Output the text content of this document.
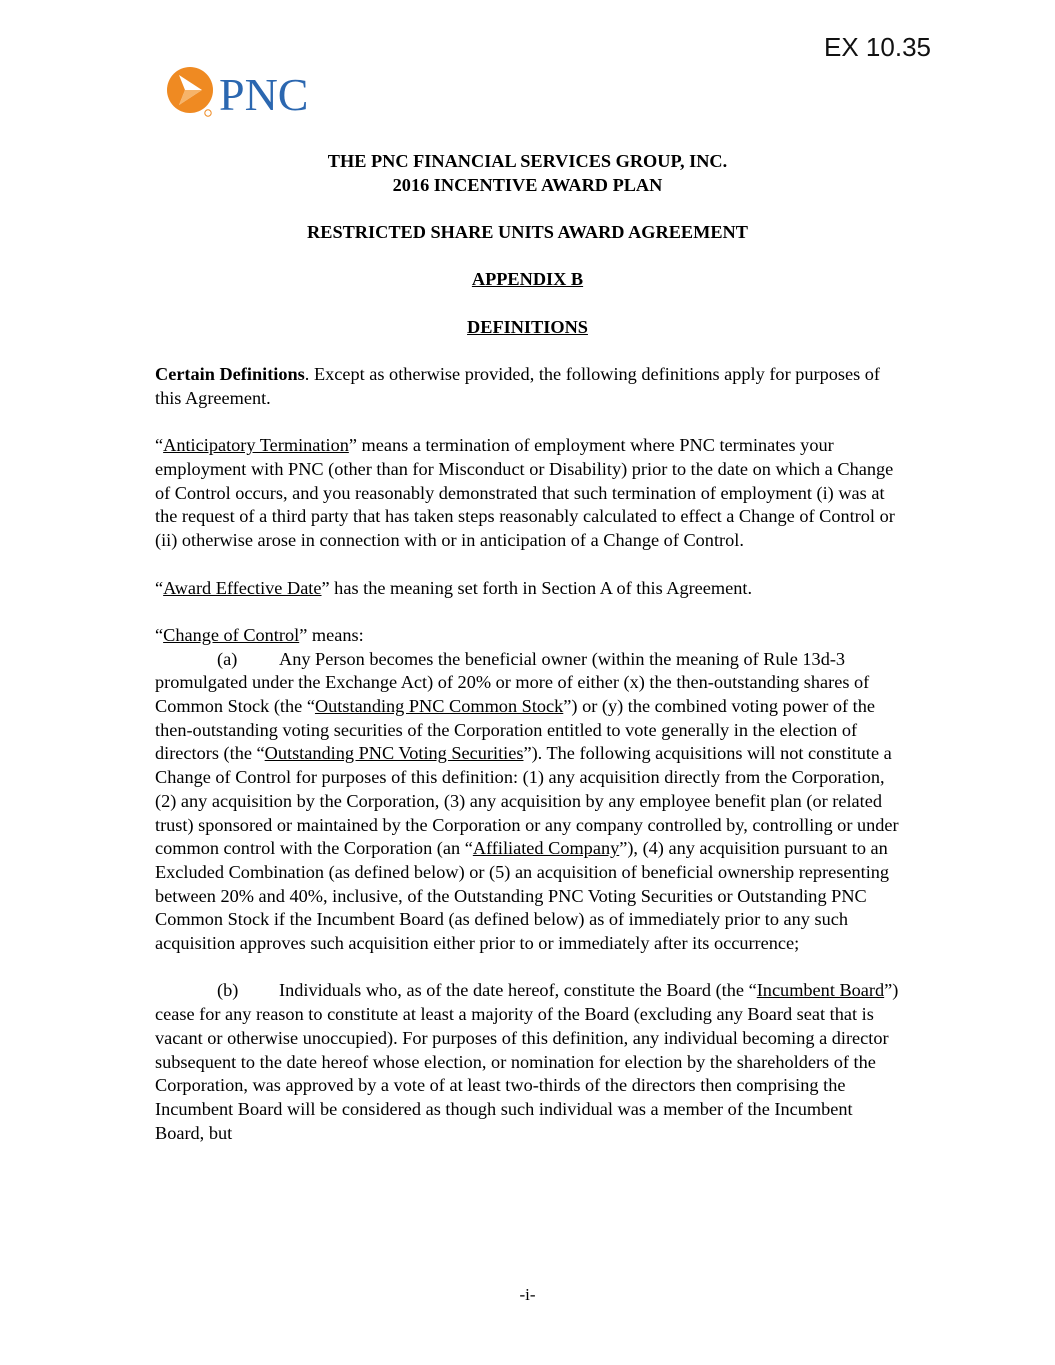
EX 10.35
PNC

THE PNC FINANCIAL SERVICES GROUP, INC.

2016 INCENTIVE AWARD PLAN

RESTRICTED SHARE UNITS AWARD AGREEMENT

APPENDIX B

DEFINITIONS

Certain Definitions. Except as otherwise provided, the following definitions apply for purposes of this Agreement.

“Anticipatory Termination” means a termination of employment where PNC terminates your employment with PNC (other than for Misconduct or Disability) prior to the date on which a Change of Control occurs, and you reasonably demonstrated that such termination of employment (i) was at the request of a third party that has taken steps reasonably calculated to effect a Change of Control or (ii) otherwise arose in connection with or in anticipation of a Change of Control.

“Award Effective Date” has the meaning set forth in Section A of this Agreement.

“Change of Control” means:

(a) Any Person becomes the beneficial owner (within the meaning of Rule 13d-3 promulgated under the Exchange Act) of 20% or more of either (x) the then-outstanding shares of Common Stock (the “Outstanding PNC Common Stock”) or (y) the combined voting power of the then-outstanding voting securities of the Corporation entitled to vote generally in the election of directors (the “Outstanding PNC Voting Securities”). The following acquisitions will not constitute a Change of Control for purposes of this definition: (1) any acquisition directly from the Corporation, (2) any acquisition by the Corporation, (3) any acquisition by any employee benefit plan (or related trust) sponsored or maintained by the Corporation or any company controlled by, controlling or under common control with the Corporation (an “Affiliated Company”), (4) any acquisition pursuant to an Excluded Combination (as defined below) or (5) an acquisition of beneficial ownership representing between 20% and 40%, inclusive, of the Outstanding PNC Voting Securities or Outstanding PNC Common Stock if the Incumbent Board (as defined below) as of immediately prior to any such acquisition approves such acquisition either prior to or immediately after its occurrence;

(b) Individuals who, as of the date hereof, constitute the Board (the “Incumbent Board”) cease for any reason to constitute at least a majority of the Board (excluding any Board seat that is vacant or otherwise unoccupied). For purposes of this definition, any individual becoming a director subsequent to the date hereof whose election, or nomination for election by the shareholders of the Corporation, was approved by a vote of at least two-thirds of the directors then comprising the Incumbent Board will be considered as though such individual was a member of the Incumbent Board, but

-i-
